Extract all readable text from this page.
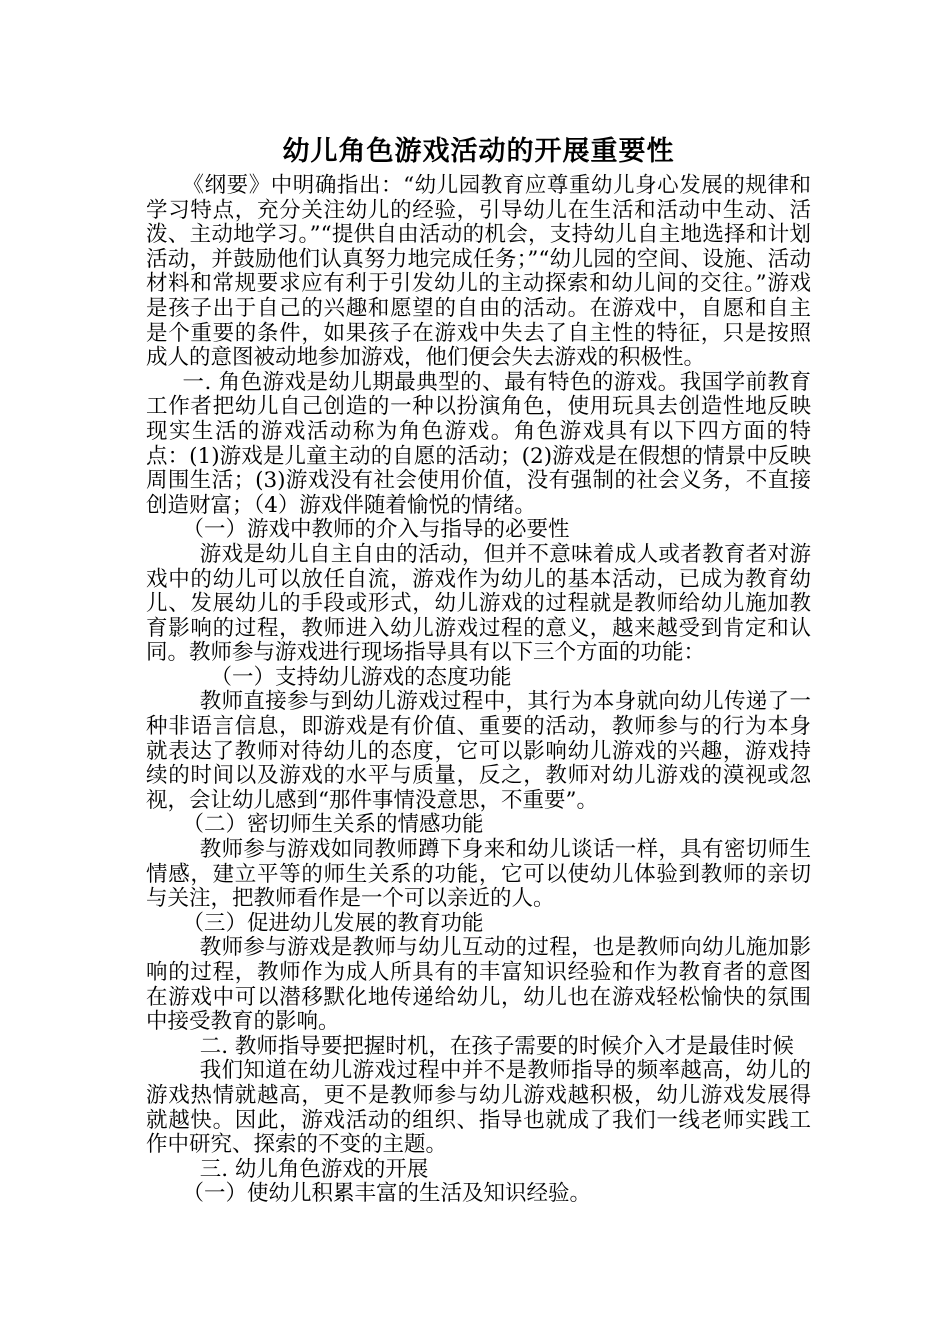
幼儿角色游戏活动的开展重要性

《纲要》中明确指出：“幼儿园教育应尊重幼儿身心发展的规律和学习特点，充分关注幼儿的经验，引导幼儿在生活和活动中生动、活泼、主动地学习。”“提供自由活动的机会，支持幼儿自主地选择和计划活动，并鼓励他们认真努力地完成任务；”“幼儿园的空间、设施、活动材料和常规要求应有利于引发幼儿的主动探索和幼儿间的交往。”游戏是孩子出于自己的兴趣和愿望的自由的活动。在游戏中，自愿和自主是个重要的条件，如果孩子在游戏中失去了自主性的特征，只是按照成人的意图被动地参加游戏，他们便会失去游戏的积极性。

一. 角色游戏是幼儿期最典型的、最有特色的游戏。我国学前教育工作者把幼儿自己创造的一种以扮演角色，使用玩具去创造性地反映现实生活的游戏活动称为角色游戏。角色游戏具有以下四方面的特点：(1)游戏是儿童主动的自愿的活动；(2)游戏是在假想的情景中反映周围生活；(3)游戏没有社会使用价值，没有强制的社会义务，不直接创造财富；（4）游戏伴随着愉悦的情绪。

（一）游戏中教师的介入与指导的必要性

游戏是幼儿自主自由的活动，但并不意味着成人或者教育者对游戏中的幼儿可以放任自流，游戏作为幼儿的基本活动，已成为教育幼儿、发展幼儿的手段或形式，幼儿游戏的过程就是教师给幼儿施加教育影响的过程，教师进入幼儿游戏过程的意义，越来越受到肯定和认同。教师参与游戏进行现场指导具有以下三个方面的功能：

（一）支持幼儿游戏的态度功能

教师直接参与到幼儿游戏过程中，其行为本身就向幼儿传递了一种非语言信息，即游戏是有价值、重要的活动，教师参与的行为本身就表达了教师对待幼儿的态度，它可以影响幼儿游戏的兴趣，游戏持续的时间以及游戏的水平与质量，反之，教师对幼儿游戏的漠视或忽视，会让幼儿感到“那件事情没意思，不重要”。

（二）密切师生关系的情感功能

教师参与游戏如同教师蹲下身来和幼儿谈话一样，具有密切师生情感，建立平等的师生关系的功能，它可以使幼儿体验到教师的亲切与关注，把教师看作是一个可以亲近的人。

（三）促进幼儿发展的教育功能

教师参与游戏是教师与幼儿互动的过程，也是教师向幼儿施加影响的过程，教师作为成人所具有的丰富知识经验和作为教育者的意图在游戏中可以潜移默化地传递给幼儿，幼儿也在游戏轻松愉快的氛围中接受教育的影响。

二. 教师指导要把握时机，在孩子需要的时候介入才是最佳时候

我们知道在幼儿游戏过程中并不是教师指导的频率越高，幼儿的游戏热情就越高，更不是教师参与幼儿游戏越积极，幼儿游戏发展得就越快。因此，游戏活动的组织、指导也就成了我们一线老师实践工作中研究、探索的不变的主题。

三. 幼儿角色游戏的开展

（一）使幼儿积累丰富的生活及知识经验。
